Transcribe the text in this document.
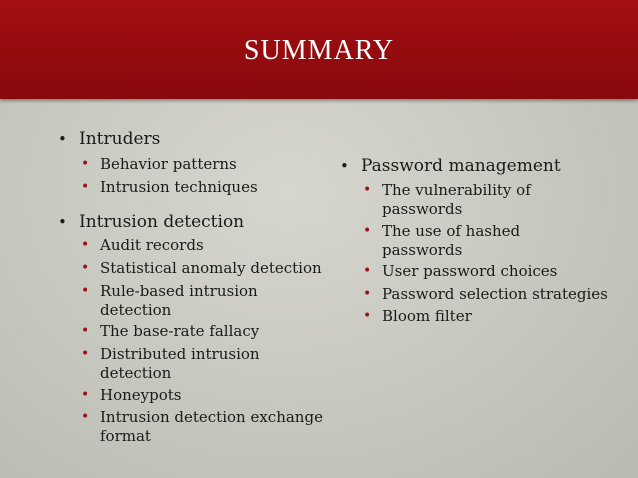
summary
• Intruders
• Behavior patterns
• Intrusion techniques
• Intrusion detection
• Audit records
• Statistical anomaly detection
• Rule-based intrusion
detection
• The base-rate fallacy
• Distributed intrusion
detection
• Honeypots
• Intrusion detection exchange
format
• Password management
• The vulnerability of
passwords
• The use of hashed
passwords
• User password choices
• Password selection strategies
• Bloom filter
